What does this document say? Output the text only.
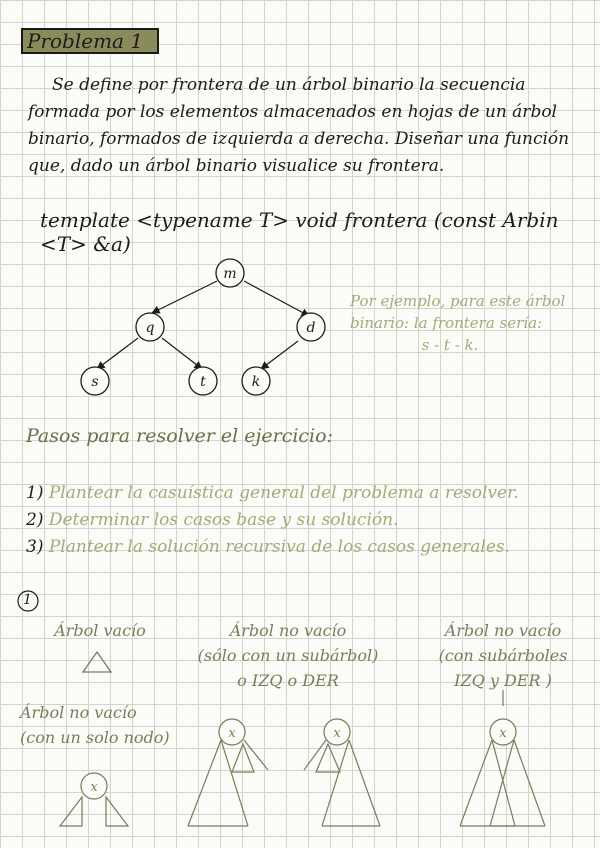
Problema 1
Se define por frontera de un árbol binario la secuencia formada por los elementos almacenados en hojas de un árbol binario, formados de izquierda a derecha. Diseñar una función que, dado un árbol binario visualice su frontera.
template <typename T> void frontera (const Arbin <T> &a)
m
q	d
s	t	k
x
x	x	x
Por ejemplo, para este árbol
binario: la frontera sería:
s - t - k.
Pasos para resolver el ejercicio:
1) Plantear la casuística general del problema a resolver.
2) Determinar los casos base y su solución.
3) Plantear la solución recursiva de los casos generales.
1
Árbol vacío	Árbol no vacío
(sólo con un subárbol)
o IZQ o DER
Árbol no vacío
(con subárboles
IZQ y DER )
Árbol no vacío
(con un solo nodo)
